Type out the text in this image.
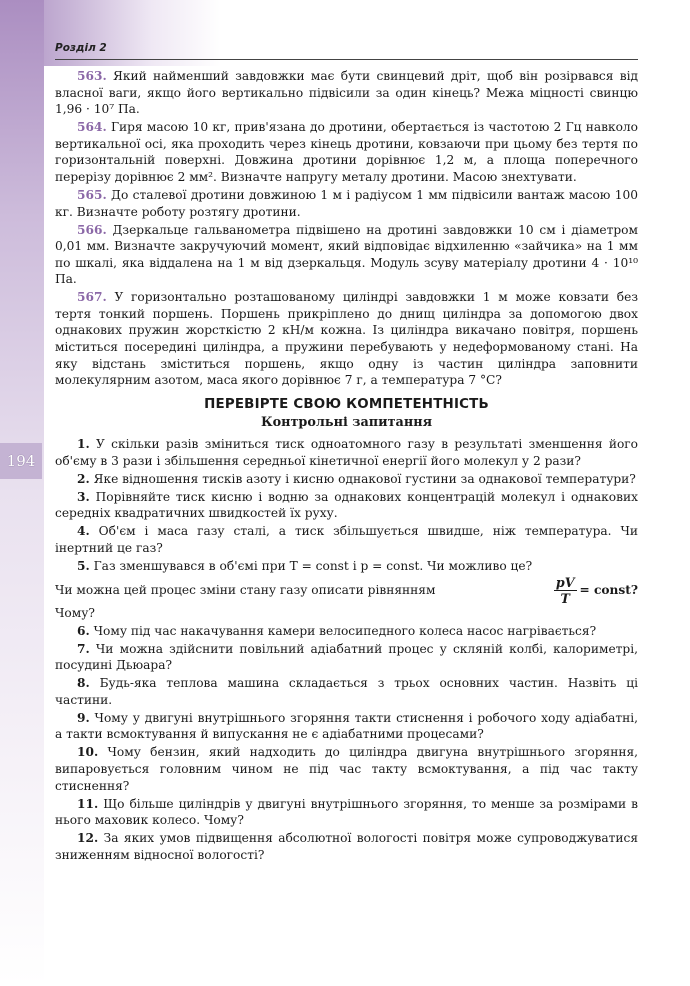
Розділ 2
194

563. Який найменший завдовжки має бути свинцевий дріт, щоб він розірвався від власної ваги, якщо його вертикально підвісили за один кінець? Межа міцності свинцю 1,96 · 10⁷ Па.

564. Гиря масою 10 кг, прив'язана до дротини, обертається із частотою 2 Гц навколо вертикальної осі, яка проходить через кінець дротини, ковзаючи при цьому без тертя по горизонтальній поверхні. Довжина дротини дорівнює 1,2 м, а площа поперечного перерізу дорівнює 2 мм². Визначте напругу металу дротини. Масою знехтувати.

565. До сталевої дротини довжиною 1 м і радіусом 1 мм підвісили вантаж масою 100 кг. Визначте роботу розтягу дротини.

566. Дзеркальце гальванометра підвішено на дротині завдовжки 10 см і діаметром 0,01 мм. Визначте закручуючий момент, який відповідає відхиленню «зайчика» на 1 мм по шкалі, яка віддалена на 1 м від дзеркальця. Модуль зсуву матеріалу дротини 4 · 10¹⁰ Па.

567. У горизонтально розташованому циліндрі завдовжки 1 м може ковзати без тертя тонкий поршень. Поршень прикріплено до днищ циліндра за допомогою двох однакових пружин жорсткістю 2 кН/м кожна. Із циліндра викачано повітря, поршень міститься посередині циліндра, а пружини перебувають у недеформованому стані. На яку відстань зміститься поршень, якщо одну із частин циліндра заповнити молекулярним азотом, маса якого дорівнює 7 г, а температура 7 °С?

ПЕРЕВІРТЕ СВОЮ КОМПЕТЕНТНІСТЬ
Контрольні запитання

1. У скільки разів зміниться тиск одноатомного газу в результаті зменшення його об'єму в 3 рази і збільшення середньої кінетичної енергії його молекул у 2 рази?

2. Яке відношення тисків азоту і кисню однакової густини за однакової температури?

3. Порівняйте тиск кисню і водню за однакових концентрацій молекул і однакових середніх квадратичних швидкостей їх руху.

4. Об'єм і маса газу сталі, а тиск збільшується швидше, ніж температура. Чи інертний це газ?

5. Газ зменшувався в об'ємі при T = const і p = const. Чи можливо це?

Чи можна цей процес зміни стану газу описати рівнянням	$\frac{pV}{T}$ = const?

Чому?

6. Чому під час накачування камери велосипедного колеса насос нагрівається?

7. Чи можна здійснити повільний адіабатний процес у скляній колбі, калориметрі, посудині Дьюара?

8. Будь-яка теплова машина складається з трьох основних частин. Назвіть ці частини.

9. Чому у двигуні внутрішнього згоряння такти стиснення і робочого ходу адіабатні, а такти всмоктування й випускання не є адіабатними процесами?

10. Чому бензин, який надходить до циліндра двигуна внутрішнього згоряння, випаровується головним чином не під час такту всмоктування, а під час такту стиснення?

11. Що більше циліндрів у двигуні внутрішнього згоряння, то менше за розмірами в нього маховик колесо. Чому?

12. За яких умов підвищення абсолютної вологості повітря може супроводжуватися зниженням відносної вологості?
